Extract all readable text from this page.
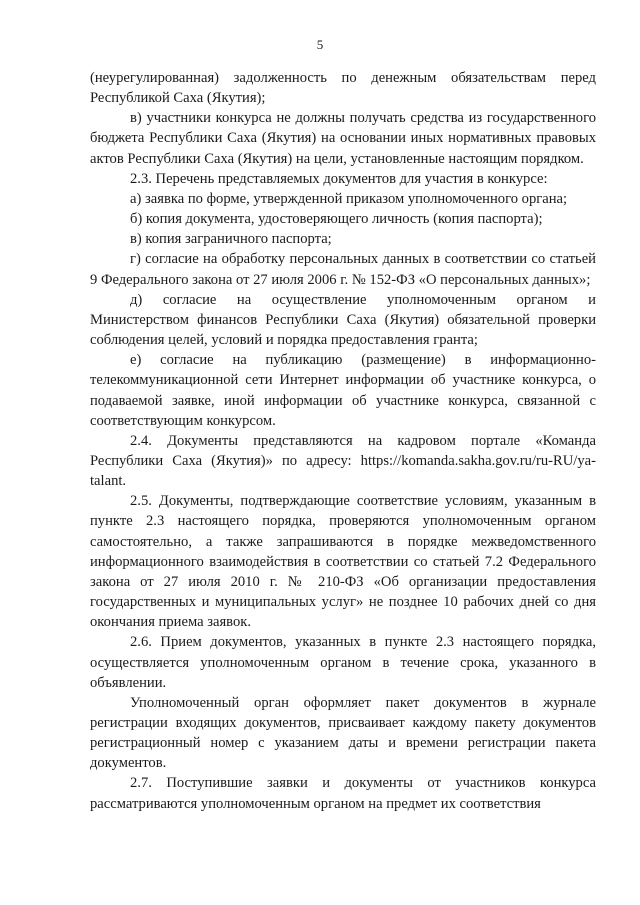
5

(неурегулированная) задолженность по денежным обязательствам перед Республикой Саха (Якутия);

в) участники конкурса не должны получать средства из государственного бюджета Республики Саха (Якутия) на основании иных нормативных правовых актов Республики Саха (Якутия) на цели, установленные настоящим порядком.

2.3. Перечень представляемых документов для участия в конкурсе:

а) заявка по форме, утвержденной приказом уполномоченного органа;

б) копия документа, удостоверяющего личность (копия паспорта);

в) копия заграничного паспорта;

г) согласие на обработку персональных данных в соответствии со статьей 9 Федерального закона от 27 июля 2006 г. № 152-ФЗ «О персональных данных»;

д) согласие на осуществление уполномоченным органом и Министерством финансов Республики Саха (Якутия) обязательной проверки соблюдения целей, условий и порядка предоставления гранта;

е) согласие на публикацию (размещение) в информационно-телекоммуникационной сети Интернет информации об участнике конкурса, о подаваемой заявке, иной информации об участнике конкурса, связанной с соответствующим конкурсом.

2.4. Документы представляются на кадровом портале «Команда Республики Саха (Якутия)» по адресу: https://komanda.sakha.gov.ru/ru-RU/ya-talant.

2.5. Документы, подтверждающие соответствие условиям, указанным в пункте 2.3 настоящего порядка, проверяются уполномоченным органом самостоятельно, а также запрашиваются в порядке межведомственного информационного взаимодействия в соответствии со статьей 7.2 Федерального закона от 27 июля 2010 г. № 210-ФЗ «Об организации предоставления государственных и муниципальных услуг» не позднее 10 рабочих дней со дня окончания приема заявок.

2.6. Прием документов, указанных в пункте 2.3 настоящего порядка, осуществляется уполномоченным органом в течение срока, указанного в объявлении.

Уполномоченный орган оформляет пакет документов в журнале регистрации входящих документов, присваивает каждому пакету документов регистрационный номер с указанием даты и времени регистрации пакета документов.

2.7. Поступившие заявки и документы от участников конкурса рассматриваются уполномоченным органом на предмет их соответствия
